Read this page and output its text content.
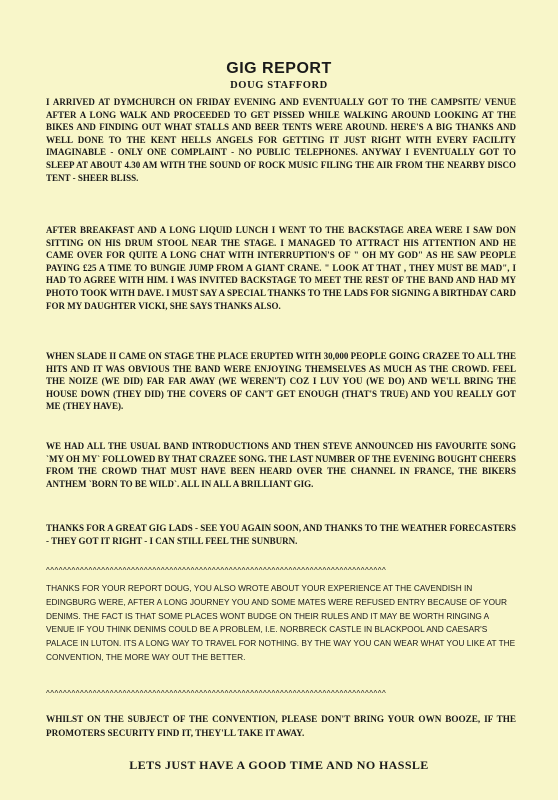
GIG REPORT
DOUG STAFFORD

I ARRIVED AT DYMCHURCH ON FRIDAY EVENING AND EVENTUALLY GOT TO THE CAMPSITE/ VENUE AFTER A LONG WALK AND PROCEEDED TO GET PISSED WHILE WALKING AROUND LOOKING AT THE BIKES AND FINDING OUT WHAT STALLS AND BEER TENTS WERE AROUND. HERE'S A BIG THANKS AND WELL DONE TO THE KENT HELLS ANGELS FOR GETTING IT JUST RIGHT WITH EVERY FACILITY IMAGINABLE - ONLY ONE COMPLAINT - NO PUBLIC TELEPHONES. ANYWAY I EVENTUALLY GOT TO SLEEP AT ABOUT 4.30 AM WITH THE SOUND OF ROCK MUSIC FILING THE AIR FROM THE NEARBY DISCO TENT - SHEER BLISS.

AFTER BREAKFAST AND A LONG LIQUID LUNCH I WENT TO THE BACKSTAGE AREA WERE I SAW DON SITTING ON HIS DRUM STOOL NEAR THE STAGE. I MANAGED TO ATTRACT HIS ATTENTION AND HE CAME OVER FOR QUITE A LONG CHAT WITH INTERRUPTION'S OF " OH MY GOD" AS HE SAW PEOPLE PAYING £25 A TIME TO BUNGIE JUMP FROM A GIANT CRANE. " LOOK AT THAT , THEY MUST BE MAD", I HAD TO AGREE WITH HIM. I WAS INVITED BACKSTAGE TO MEET THE REST OF THE BAND AND HAD MY PHOTO TOOK WITH DAVE. I MUST SAY A SPECIAL THANKS TO THE LADS FOR SIGNING A BIRTHDAY CARD FOR MY DAUGHTER VICKI, SHE SAYS THANKS ALSO.

WHEN SLADE II CAME ON STAGE THE PLACE ERUPTED WITH 30,000 PEOPLE GOING CRAZEE TO ALL THE HITS AND IT WAS OBVIOUS THE BAND WERE ENJOYING THEMSELVES AS MUCH AS THE CROWD. FEEL THE NOIZE (WE DID) FAR FAR AWAY (WE WEREN'T) COZ I LUV YOU (WE DO) AND WE'LL BRING THE HOUSE DOWN (THEY DID) THE COVERS OF CAN'T GET ENOUGH (THAT'S TRUE) AND YOU REALLY GOT ME (THEY HAVE).

WE HAD ALL THE USUAL BAND INTRODUCTIONS AND THEN STEVE ANNOUNCED HIS FAVOURITE SONG `MY OH MY` FOLLOWED BY THAT CRAZEE SONG. THE LAST NUMBER OF THE EVENING BOUGHT CHEERS FROM THE CROWD THAT MUST HAVE BEEN HEARD OVER THE CHANNEL IN FRANCE, THE BIKERS ANTHEM `BORN TO BE WILD`. ALL IN ALL A BRILLIANT GIG.

THANKS FOR A GREAT GIG LADS - SEE YOU AGAIN SOON, AND THANKS TO THE WEATHER FORECASTERS - THEY GOT IT RIGHT - I CAN STILL FEEL THE SUNBURN.

^^^^^^^^^^^^^^^^^^^^^^^^^^^^^^^^^^^^^^^^^^^^^^^^^^^^^^^^^^^^^^^^^^^^^^^^^^^^^^^^

THANKS FOR YOUR REPORT DOUG, YOU ALSO WROTE ABOUT YOUR EXPERIENCE AT THE CAVENDISH IN EDINGBURG WERE, AFTER A LONG JOURNEY YOU AND SOME MATES WERE REFUSED ENTRY BECAUSE OF YOUR DENIMS. THE FACT IS THAT SOME PLACES WONT BUDGE ON THEIR RULES AND IT MAY BE WORTH RINGING A VENUE IF YOU THINK DENIMS COULD BE A PROBLEM, I.E. NORBRECK CASTLE IN BLACKPOOL AND CAESAR'S PALACE IN LUTON. ITS A LONG WAY TO TRAVEL FOR NOTHING. BY THE WAY YOU CAN WEAR WHAT YOU LIKE AT THE CONVENTION, THE MORE WAY OUT THE BETTER.

^^^^^^^^^^^^^^^^^^^^^^^^^^^^^^^^^^^^^^^^^^^^^^^^^^^^^^^^^^^^^^^^^^^^^^^^^^^^^^^^

WHILST ON THE SUBJECT OF THE CONVENTION, PLEASE DON'T BRING YOUR OWN BOOZE, IF THE PROMOTERS SECURITY FIND IT, THEY'LL TAKE IT AWAY.

LETS JUST HAVE A GOOD TIME AND NO HASSLE
